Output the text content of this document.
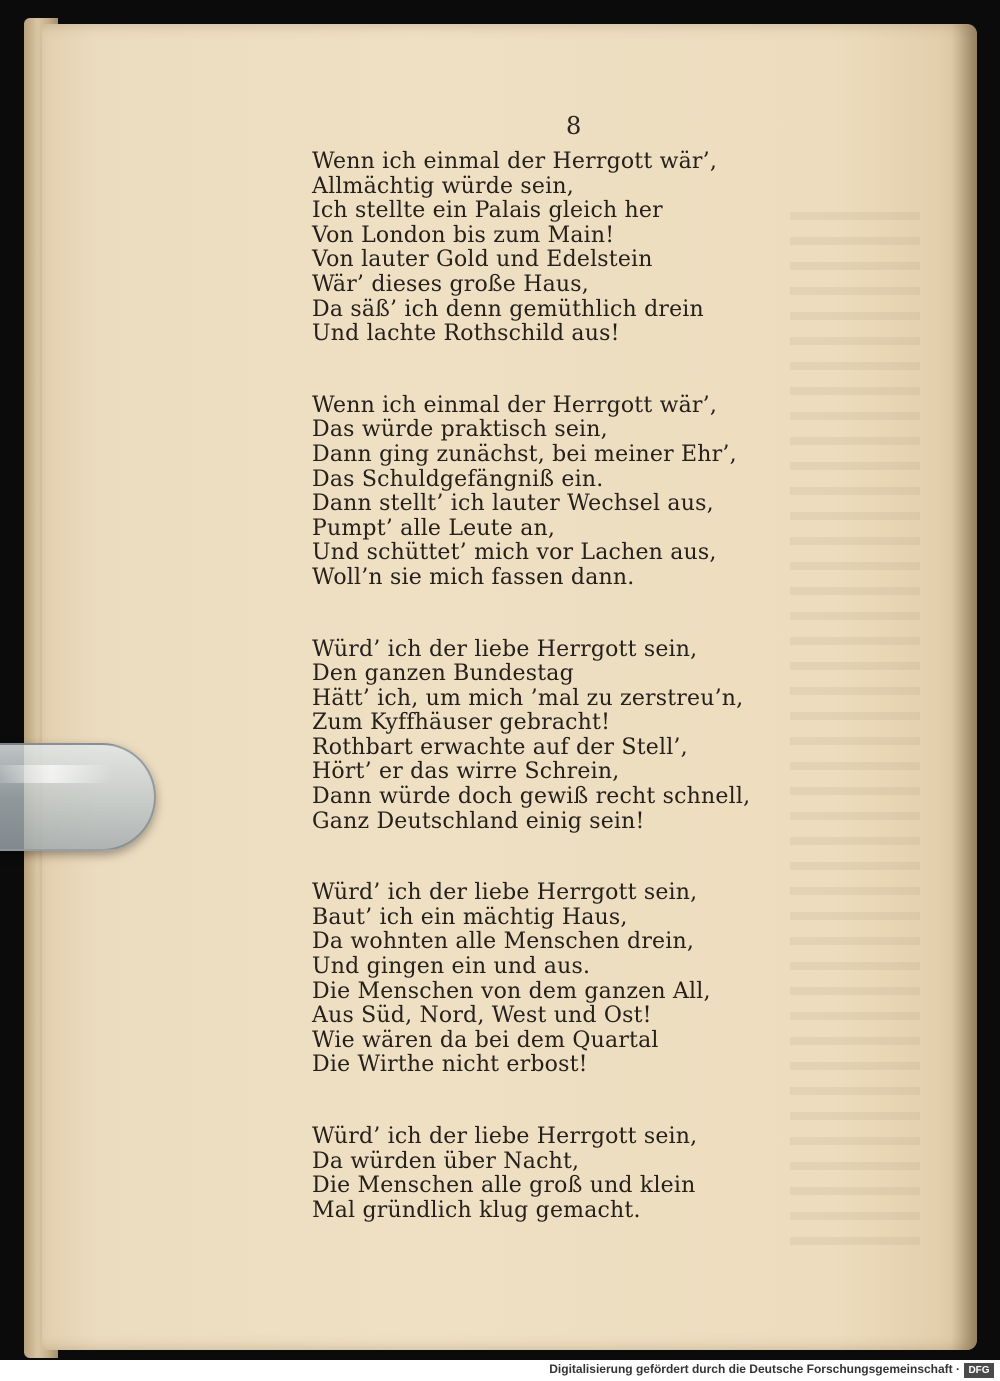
8
Wenn ich einmal der Herrgott wär’,
Allmächtig würde sein,
Ich stellte ein Palais gleich her
Von London bis zum Main!
Von lauter Gold und Edelstein
Wär’ dieses große Haus,
Da säß’ ich denn gemüthlich drein
Und lachte Rothschild aus!
Wenn ich einmal der Herrgott wär’,
Das würde praktisch sein,
Dann ging zunächst, bei meiner Ehr’,
Das Schuldgefängniß ein.
Dann stellt’ ich lauter Wechsel aus,
Pumpt’ alle Leute an,
Und schüttet’ mich vor Lachen aus,
Woll’n sie mich fassen dann.
Würd’ ich der liebe Herrgott sein,
Den ganzen Bundestag
Hätt’ ich, um mich ’mal zu zerstreu’n,
Zum Kyffhäuser gebracht!
Rothbart erwachte auf der Stell’,
Hört’ er das wirre Schrein,
Dann würde doch gewiß recht schnell,
Ganz Deutschland einig sein!
Würd’ ich der liebe Herrgott sein,
Baut’ ich ein mächtig Haus,
Da wohnten alle Menschen drein,
Und gingen ein und aus.
Die Menschen von dem ganzen All,
Aus Süd, Nord, West und Ost!
Wie wären da bei dem Quartal
Die Wirthe nicht erbost!
Würd’ ich der liebe Herrgott sein,
Da würden über Nacht,
Die Menschen alle groß und klein
Mal gründlich klug gemacht.
Digitalisierung gefördert durch die Deutsche Forschungsgemeinschaft · DFG
